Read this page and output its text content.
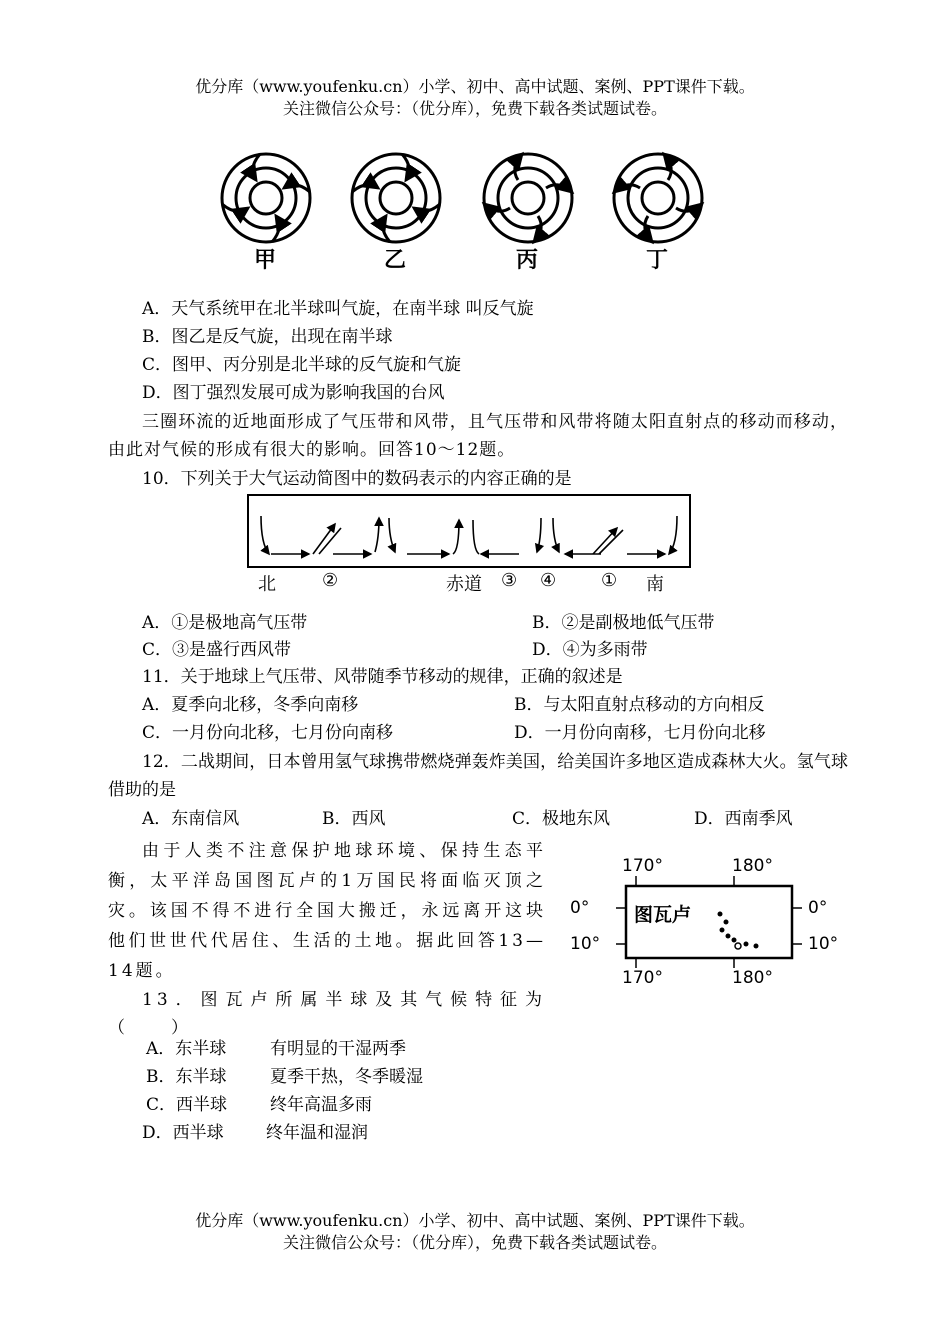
优分库（www.youfenku.cn）小学、初中、高中试题、案例、PPT课件下载。
关注微信公众号：（优分库），免费下载各类试题试卷。
甲	乙	丙	丁
A．天气系统甲在北半球叫气旋，在南半球 叫反气旋
B．图乙是反气旋，出现在南半球
C．图甲、丙分别是北半球的反气旋和气旋
D．图丁强烈发展可成为影响我国的台风
三圈环流的近地面形成了气压带和风带，且气压带和风带将随太阳直射点的移动而移动，由此对气候的形成有很大的影响。回答10～12题。
10．下列关于大气运动简图中的数码表示的内容正确的是
北	②	赤道 ③ ④ ① 南
A．①是极地高气压带	B．②是副极地低气压带
C．③是盛行西风带	D．④为多雨带
11．关于地球上气压带、风带随季节移动的规律，正确的叙述是
A．夏季向北移，冬季向南移	B．与太阳直射点移动的方向相反
C．一月份向北移，七月份向南移	D．一月份向南移，七月份向北移
12．二战期间，日本曾用氢气球携带燃烧弹轰炸美国，给美国许多地区造成森林大火。氢气球借助的是
A．东南信风	B．西风	C．极地东风	D．西南季风
由于人类不注意保护地球环境、保持生态平衡，太平洋岛国图瓦卢的1万国民将面临灭顶之灾。该国不得不进行全国大搬迁，永远离开这块他们世世代代居住、生活的土地。据此回答13—14题。
170°	180°
170°	180°
0°
10°
0°
10°
图瓦卢
13．图瓦卢所属半球及其气候特征为（　　）
A．东半球	有明显的干湿两季
B．东半球	夏季干热，冬季暖湿
C．西半球	终年高温多雨
D．西半球 终年温和湿润
优分库（www.youfenku.cn）小学、初中、高中试题、案例、PPT课件下载。
关注微信公众号：（优分库），免费下载各类试题试卷。
